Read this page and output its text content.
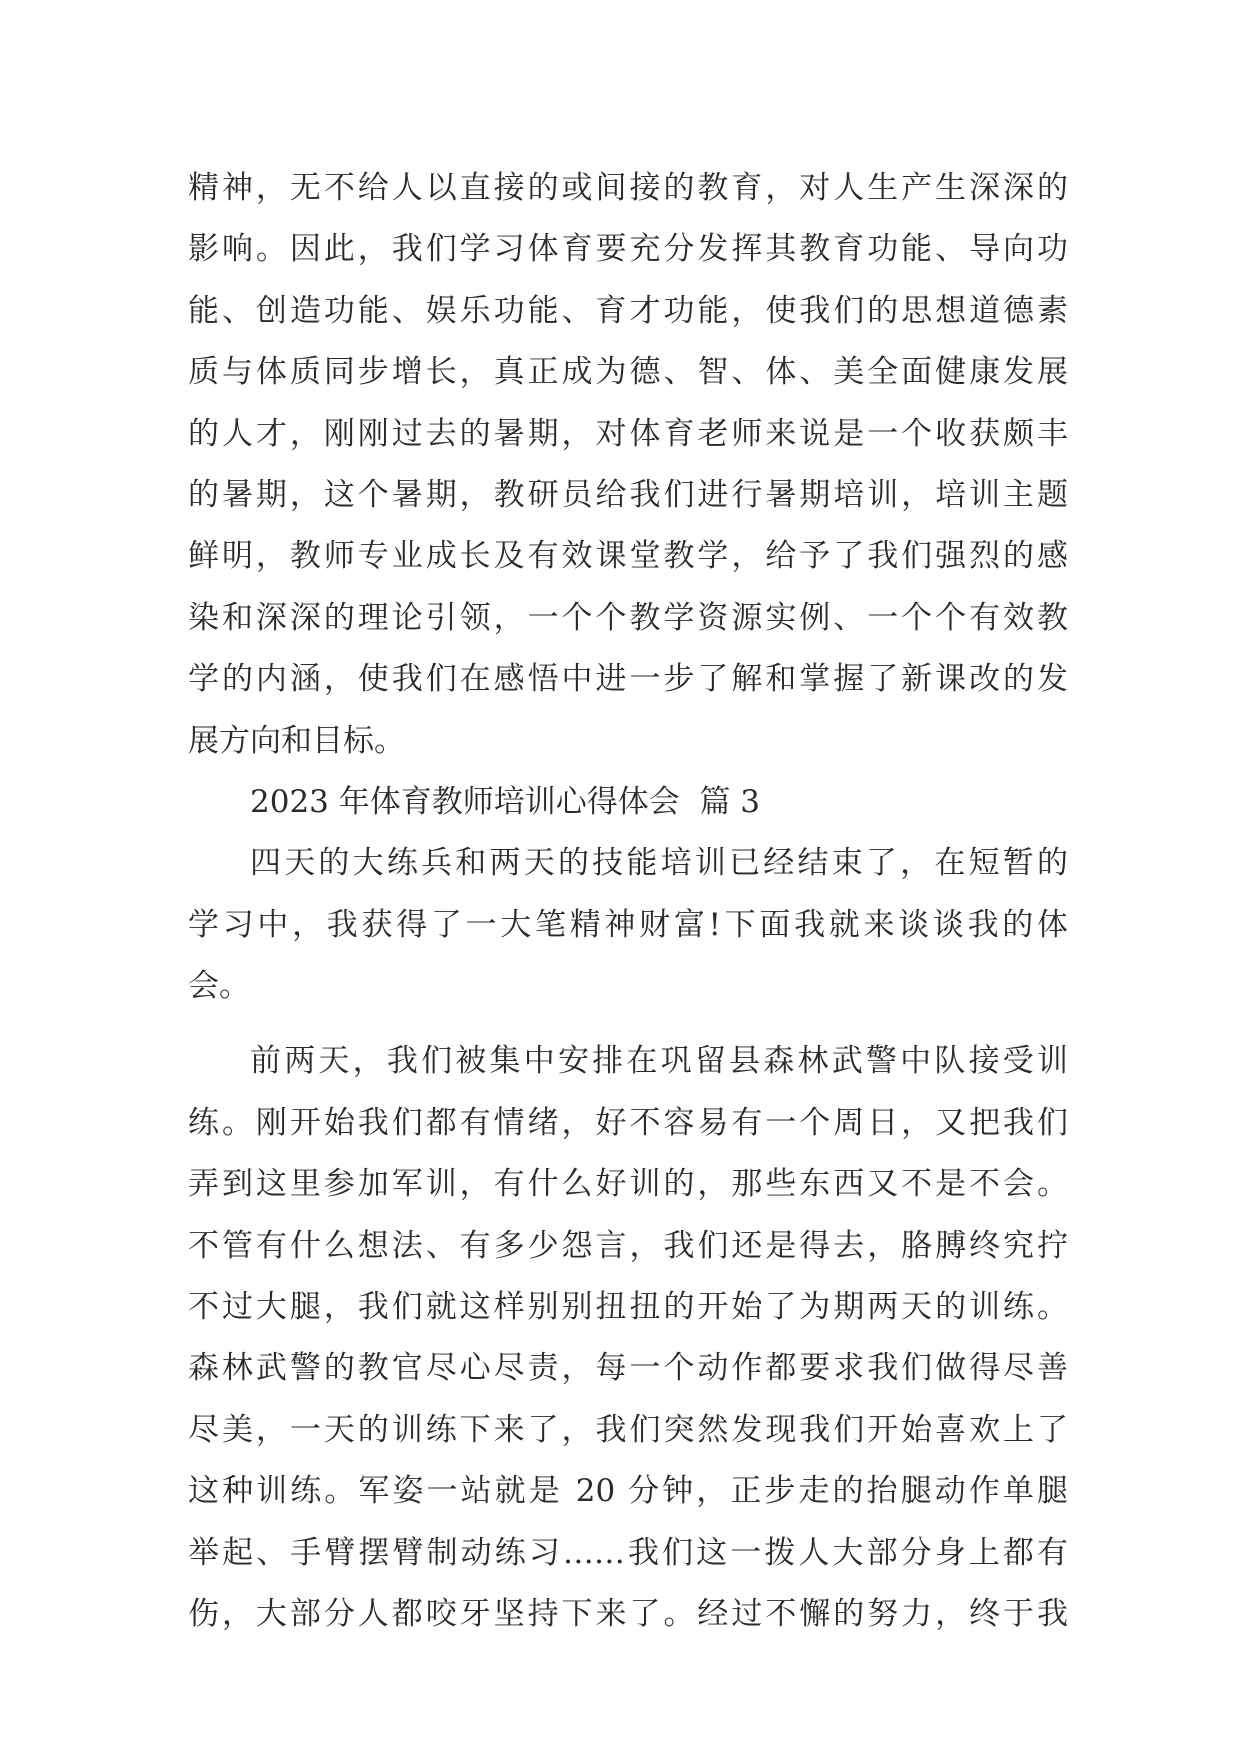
精神，无不给人以直接的或间接的教育，对人生产生深深的
影响。因此，我们学习体育要充分发挥其教育功能、导向功
能、创造功能、娱乐功能、育才功能，使我们的思想道德素
质与体质同步增长，真正成为德、智、体、美全面健康发展
的人才，刚刚过去的暑期，对体育老师来说是一个收获颇丰
的暑期，这个暑期，教研员给我们进行暑期培训，培训主题
鲜明，教师专业成长及有效课堂教学，给予了我们强烈的感
染和深深的理论引领，一个个教学资源实例、一个个有效教
学的内涵，使我们在感悟中进一步了解和掌握了新课改的发
展方向和目标。
2023 年体育教师培训心得体会  篇 3
四天的大练兵和两天的技能培训已经结束了，在短暂的
学习中，我获得了一大笔精神财富!下面我就来谈谈我的体
会。
前两天，我们被集中安排在巩留县森林武警中队接受训
练。刚开始我们都有情绪，好不容易有一个周日，又把我们
弄到这里参加军训，有什么好训的，那些东西又不是不会。
不管有什么想法、有多少怨言，我们还是得去，胳膊终究拧
不过大腿，我们就这样别别扭扭的开始了为期两天的训练。
森林武警的教官尽心尽责，每一个动作都要求我们做得尽善
尽美，一天的训练下来了，我们突然发现我们开始喜欢上了
这种训练。军姿一站就是 20 分钟，正步走的抬腿动作单腿
举起、手臂摆臂制动练习……我们这一拨人大部分身上都有
伤，大部分人都咬牙坚持下来了。经过不懈的努力，终于我
